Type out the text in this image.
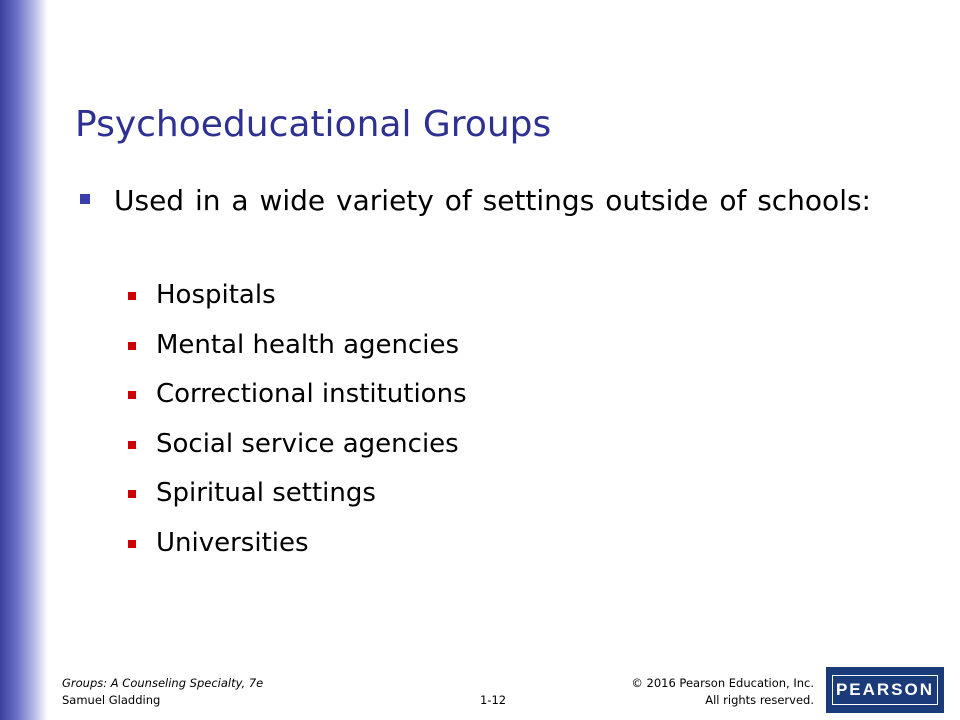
Psychoeducational Groups
Used in a wide variety of settings outside of schools:
Hospitals
Mental health agencies
Correctional institutions
Social service agencies
Spiritual settings
Universities
Groups: A Counseling Specialty, 7e
Samuel Gladding	1-12
© 2016 Pearson Education, Inc.
All rights reserved.
PEARSON
